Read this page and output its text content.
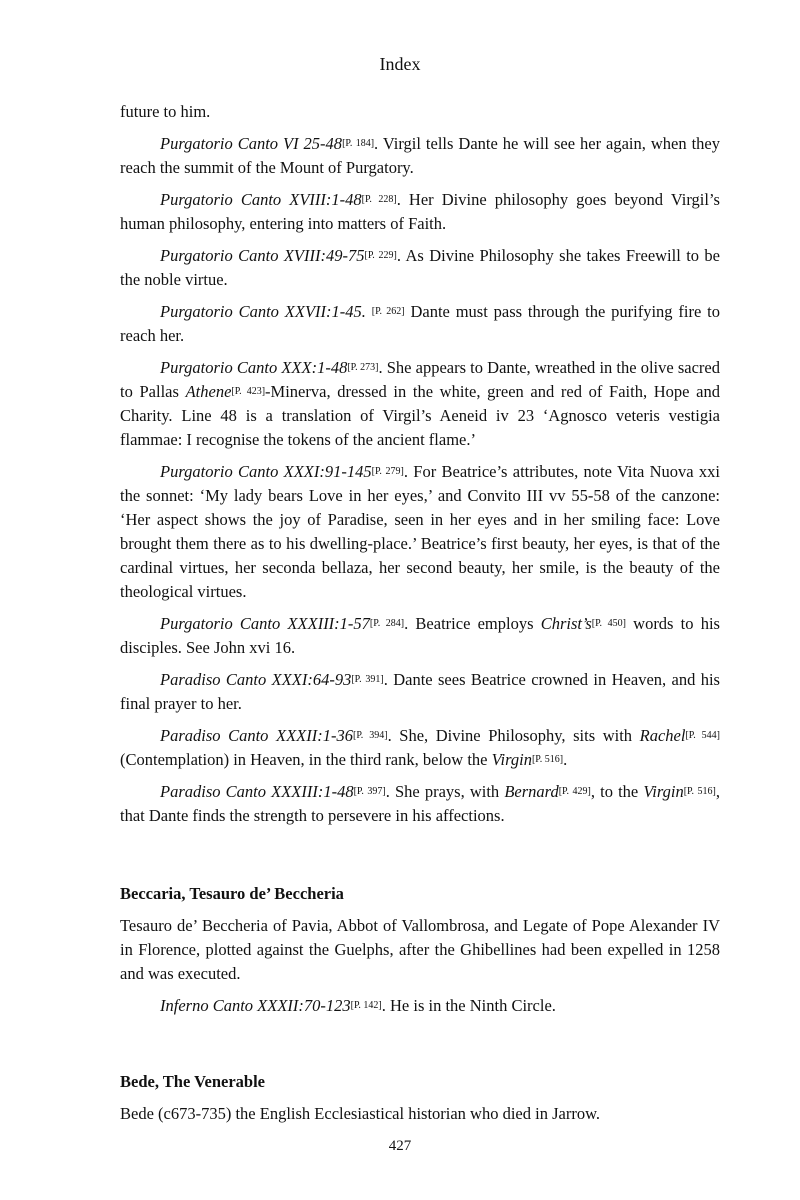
Index

future to him.

Purgatorio Canto VI 25-48[P. 184]. Virgil tells Dante he will see her again, when they reach the summit of the Mount of Purgatory.

Purgatorio Canto XVIII:1-48[P. 228]. Her Divine philosophy goes beyond Virgil’s human philosophy, entering into matters of Faith.

Purgatorio Canto XVIII:49-75[P. 229]. As Divine Philosophy she takes Freewill to be the noble virtue.

Purgatorio Canto XXVII:1-45. [P. 262] Dante must pass through the purifying fire to reach her.

Purgatorio Canto XXX:1-48[P. 273]. She appears to Dante, wreathed in the olive sacred to Pallas Athene[P. 423]-Minerva, dressed in the white, green and red of Faith, Hope and Charity. Line 48 is a translation of Virgil’s Aeneid iv 23 ‘Agnosco veteris vestigia flammae: I recognise the tokens of the ancient flame.’

Purgatorio Canto XXXI:91-145[P. 279]. For Beatrice’s attributes, note Vita Nuova xxi the sonnet: ‘My lady bears Love in her eyes,’ and Convito III vv 55-58 of the canzone: ‘Her aspect shows the joy of Paradise, seen in her eyes and in her smiling face: Love brought them there as to his dwelling-place.’ Beatrice’s first beauty, her eyes, is that of the cardinal virtues, her seconda bellaza, her second beauty, her smile, is the beauty of the theological virtues.

Purgatorio Canto XXXIII:1-57[P. 284]. Beatrice employs Christ’s[P. 450] words to his disciples. See John xvi 16.

Paradiso Canto XXXI:64-93[P. 391]. Dante sees Beatrice crowned in Heaven, and his final prayer to her.

Paradiso Canto XXXII:1-36[P. 394]. She, Divine Philosophy, sits with Rachel[P. 544] (Contemplation) in Heaven, in the third rank, below the Virgin[P. 516].

Paradiso Canto XXXIII:1-48[P. 397]. She prays, with Bernard[P. 429], to the Virgin[P. 516], that Dante finds the strength to persevere in his affections.

Beccaria, Tesauro de’ Beccheria

Tesauro de’ Beccheria of Pavia, Abbot of Vallombrosa, and Legate of Pope Alexander IV in Florence, plotted against the Guelphs, after the Ghibellines had been expelled in 1258 and was executed.

Inferno Canto XXXII:70-123[P. 142]. He is in the Ninth Circle.

Bede, The Venerable

Bede (c673-735) the English Ecclesiastical historian who died in Jarrow.

427
